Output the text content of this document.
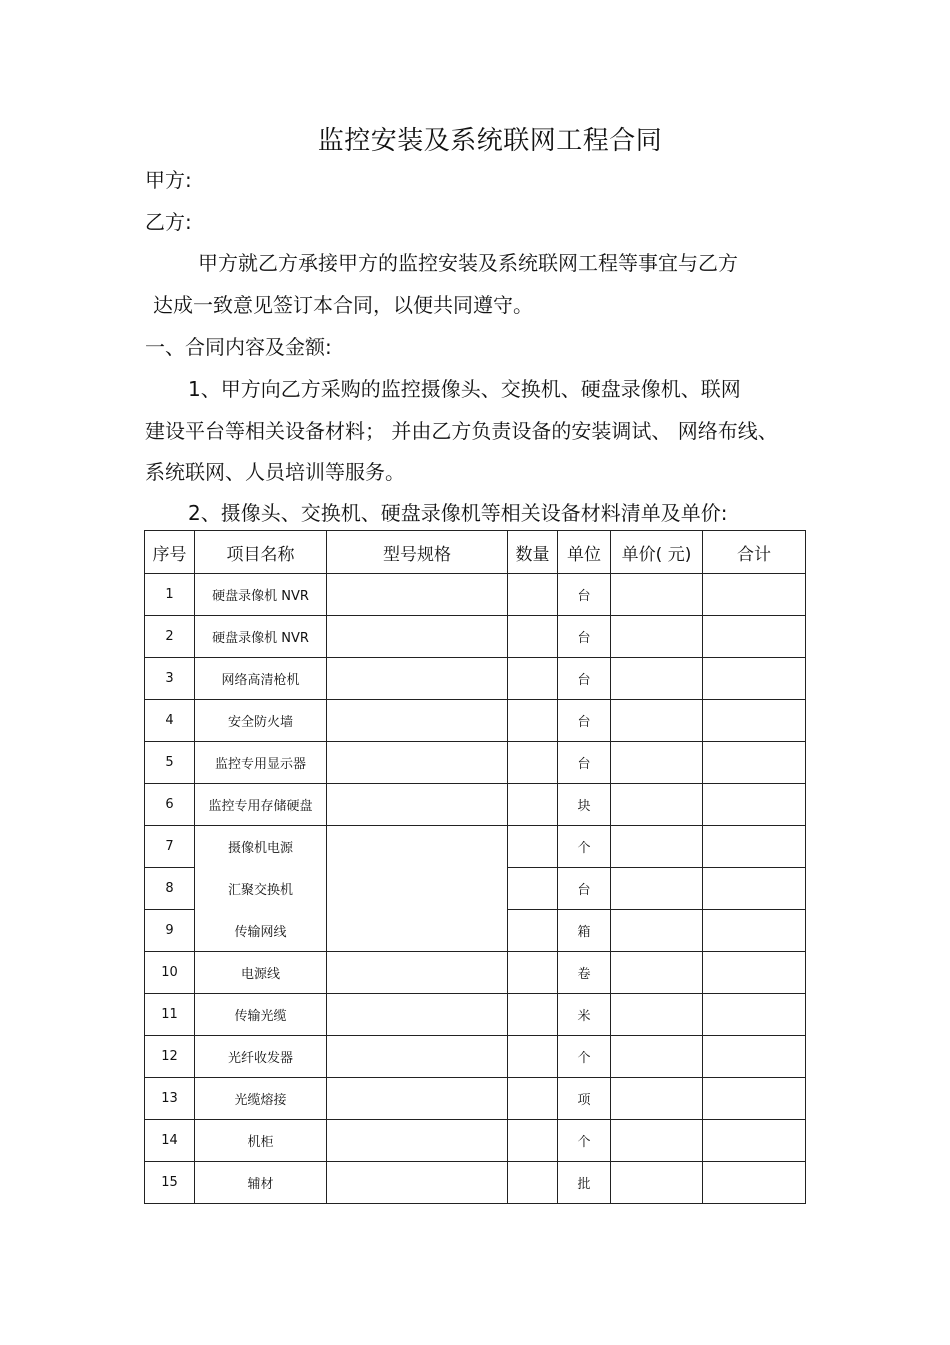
监控安装及系统联网工程合同
甲方:
乙方:
甲方就乙方承接甲方的监控安装及系统联网工程等事宜与乙方
达成一致意见签订本合同，以便共同遵守。
一、合同内容及金额:
1、甲方向乙方采购的监控摄像头、交换机、硬盘录像机、联网
建设平台等相关设备材料； 并由乙方负责设备的安装调试、 网络布线、
系统联网、人员培训等服务。
2、摄像头、交换机、硬盘录像机等相关设备材料清单及单价:
序号	项目名称	型号规格	数量	单位	单价( 元)	合计
1	硬盘录像机 NVR			台		
2	硬盘录像机 NVR			台		
3	网络高清枪机			台		
4	安全防火墙			台		
5	监控专用显示器			台		
6	监控专用存储硬盘			块		
7	摄像机电源			个		
8	汇聚交换机			台		
9	传输网线			箱		
10	电源线			卷		
11	传输光缆			米		
12	光纤收发器			个		
13	光缆熔接			项		
14	机柜			个		
15	辅材			批		
